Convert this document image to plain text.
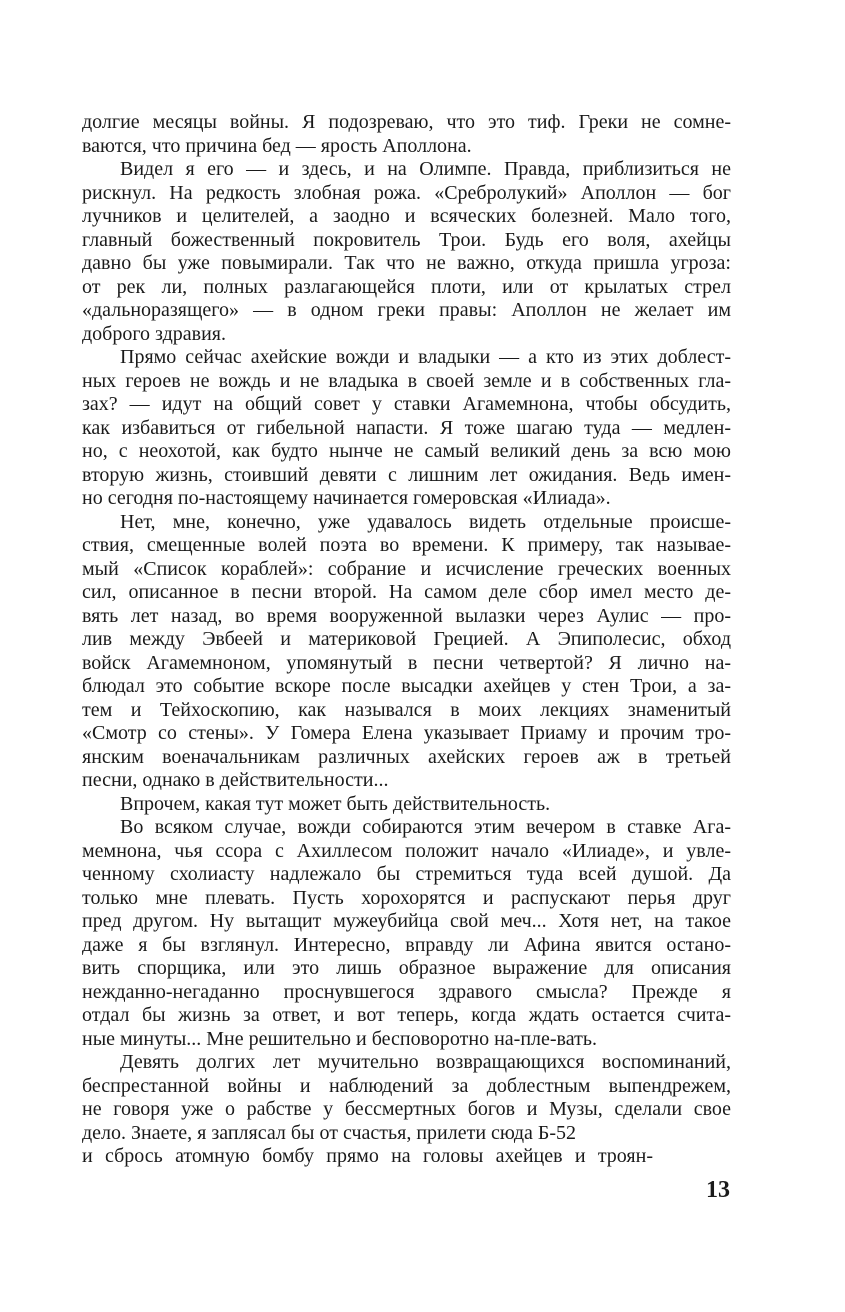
долгие месяцы войны. Я подозреваю, что это тиф. Греки не сомне-
ваются, что причина бед — ярость Аполлона.
Видел я его — и здесь, и на Олимпе. Правда, приблизиться не
рискнул. На редкость злобная рожа. «Сребролукий» Аполлон — бог
лучников и целителей, а заодно и всяческих болезней. Мало того,
главный божественный покровитель Трои. Будь его воля, ахейцы
давно бы уже повымирали. Так что не важно, откуда пришла угроза:
от рек ли, полных разлагающейся плоти, или от крылатых стрел
«дальноразящего» — в одном греки правы: Аполлон не желает им
доброго здравия.
Прямо сейчас ахейские вожди и владыки — а кто из этих доблест-
ных героев не вождь и не владыка в своей земле и в собственных гла-
зах? — идут на общий совет у ставки Агамемнона, чтобы обсудить,
как избавиться от гибельной напасти. Я тоже шагаю туда — медлен-
но, с неохотой, как будто нынче не самый великий день за всю мою
вторую жизнь, стоивший девяти с лишним лет ожидания. Ведь имен-
но сегодня по-настоящему начинается гомеровская «Илиада».
Нет, мне, конечно, уже удавалось видеть отдельные происше-
ствия, смещенные волей поэта во времени. К примеру, так называе-
мый «Список кораблей»: собрание и исчисление греческих военных
сил, описанное в песни второй. На самом деле сбор имел место де-
вять лет назад, во время вооруженной вылазки через Аулис — про-
лив между Эвбеей и материковой Грецией. А Эпиполесис, обход
войск Агамемноном, упомянутый в песни четвертой? Я лично на-
блюдал это событие вскоре после высадки ахейцев у стен Трои, а за-
тем и Тейхоскопию, как назывался в моих лекциях знаменитый
«Смотр со стены». У Гомера Елена указывает Приаму и прочим тро-
янским военачальникам различных ахейских героев аж в третьей
песни, однако в действительности...
Впрочем, какая тут может быть действительность.
Во всяком случае, вожди собираются этим вечером в ставке Ага-
мемнона, чья ссора с Ахиллесом положит начало «Илиаде», и увле-
ченному схолиасту надлежало бы стремиться туда всей душой. Да
только мне плевать. Пусть хорохорятся и распускают перья друг
пред другом. Ну вытащит мужеубийца свой меч... Хотя нет, на такое
даже я бы взглянул. Интересно, вправду ли Афина явится останo-
вить спорщика, или это лишь образное выражение для описания
нежданно-негаданно проснувшегося здравого смысла? Прежде я
отдал бы жизнь за ответ, и вот теперь, когда ждать остается счита-
ные минуты... Мне решительно и бесповоротно на-пле-вать.
Девять долгих лет мучительно возвращающихся воспоминаний,
беспрестанной войны и наблюдений за доблестным выпендрежем,
не говоря уже о рабстве у бессмертных богов и Музы, сделали свое
дело. Знаете, я заплясал бы от счастья, прилети сюда Б-52
и сбрось атомную бомбу прямо на головы ахейцев и троян-
13
